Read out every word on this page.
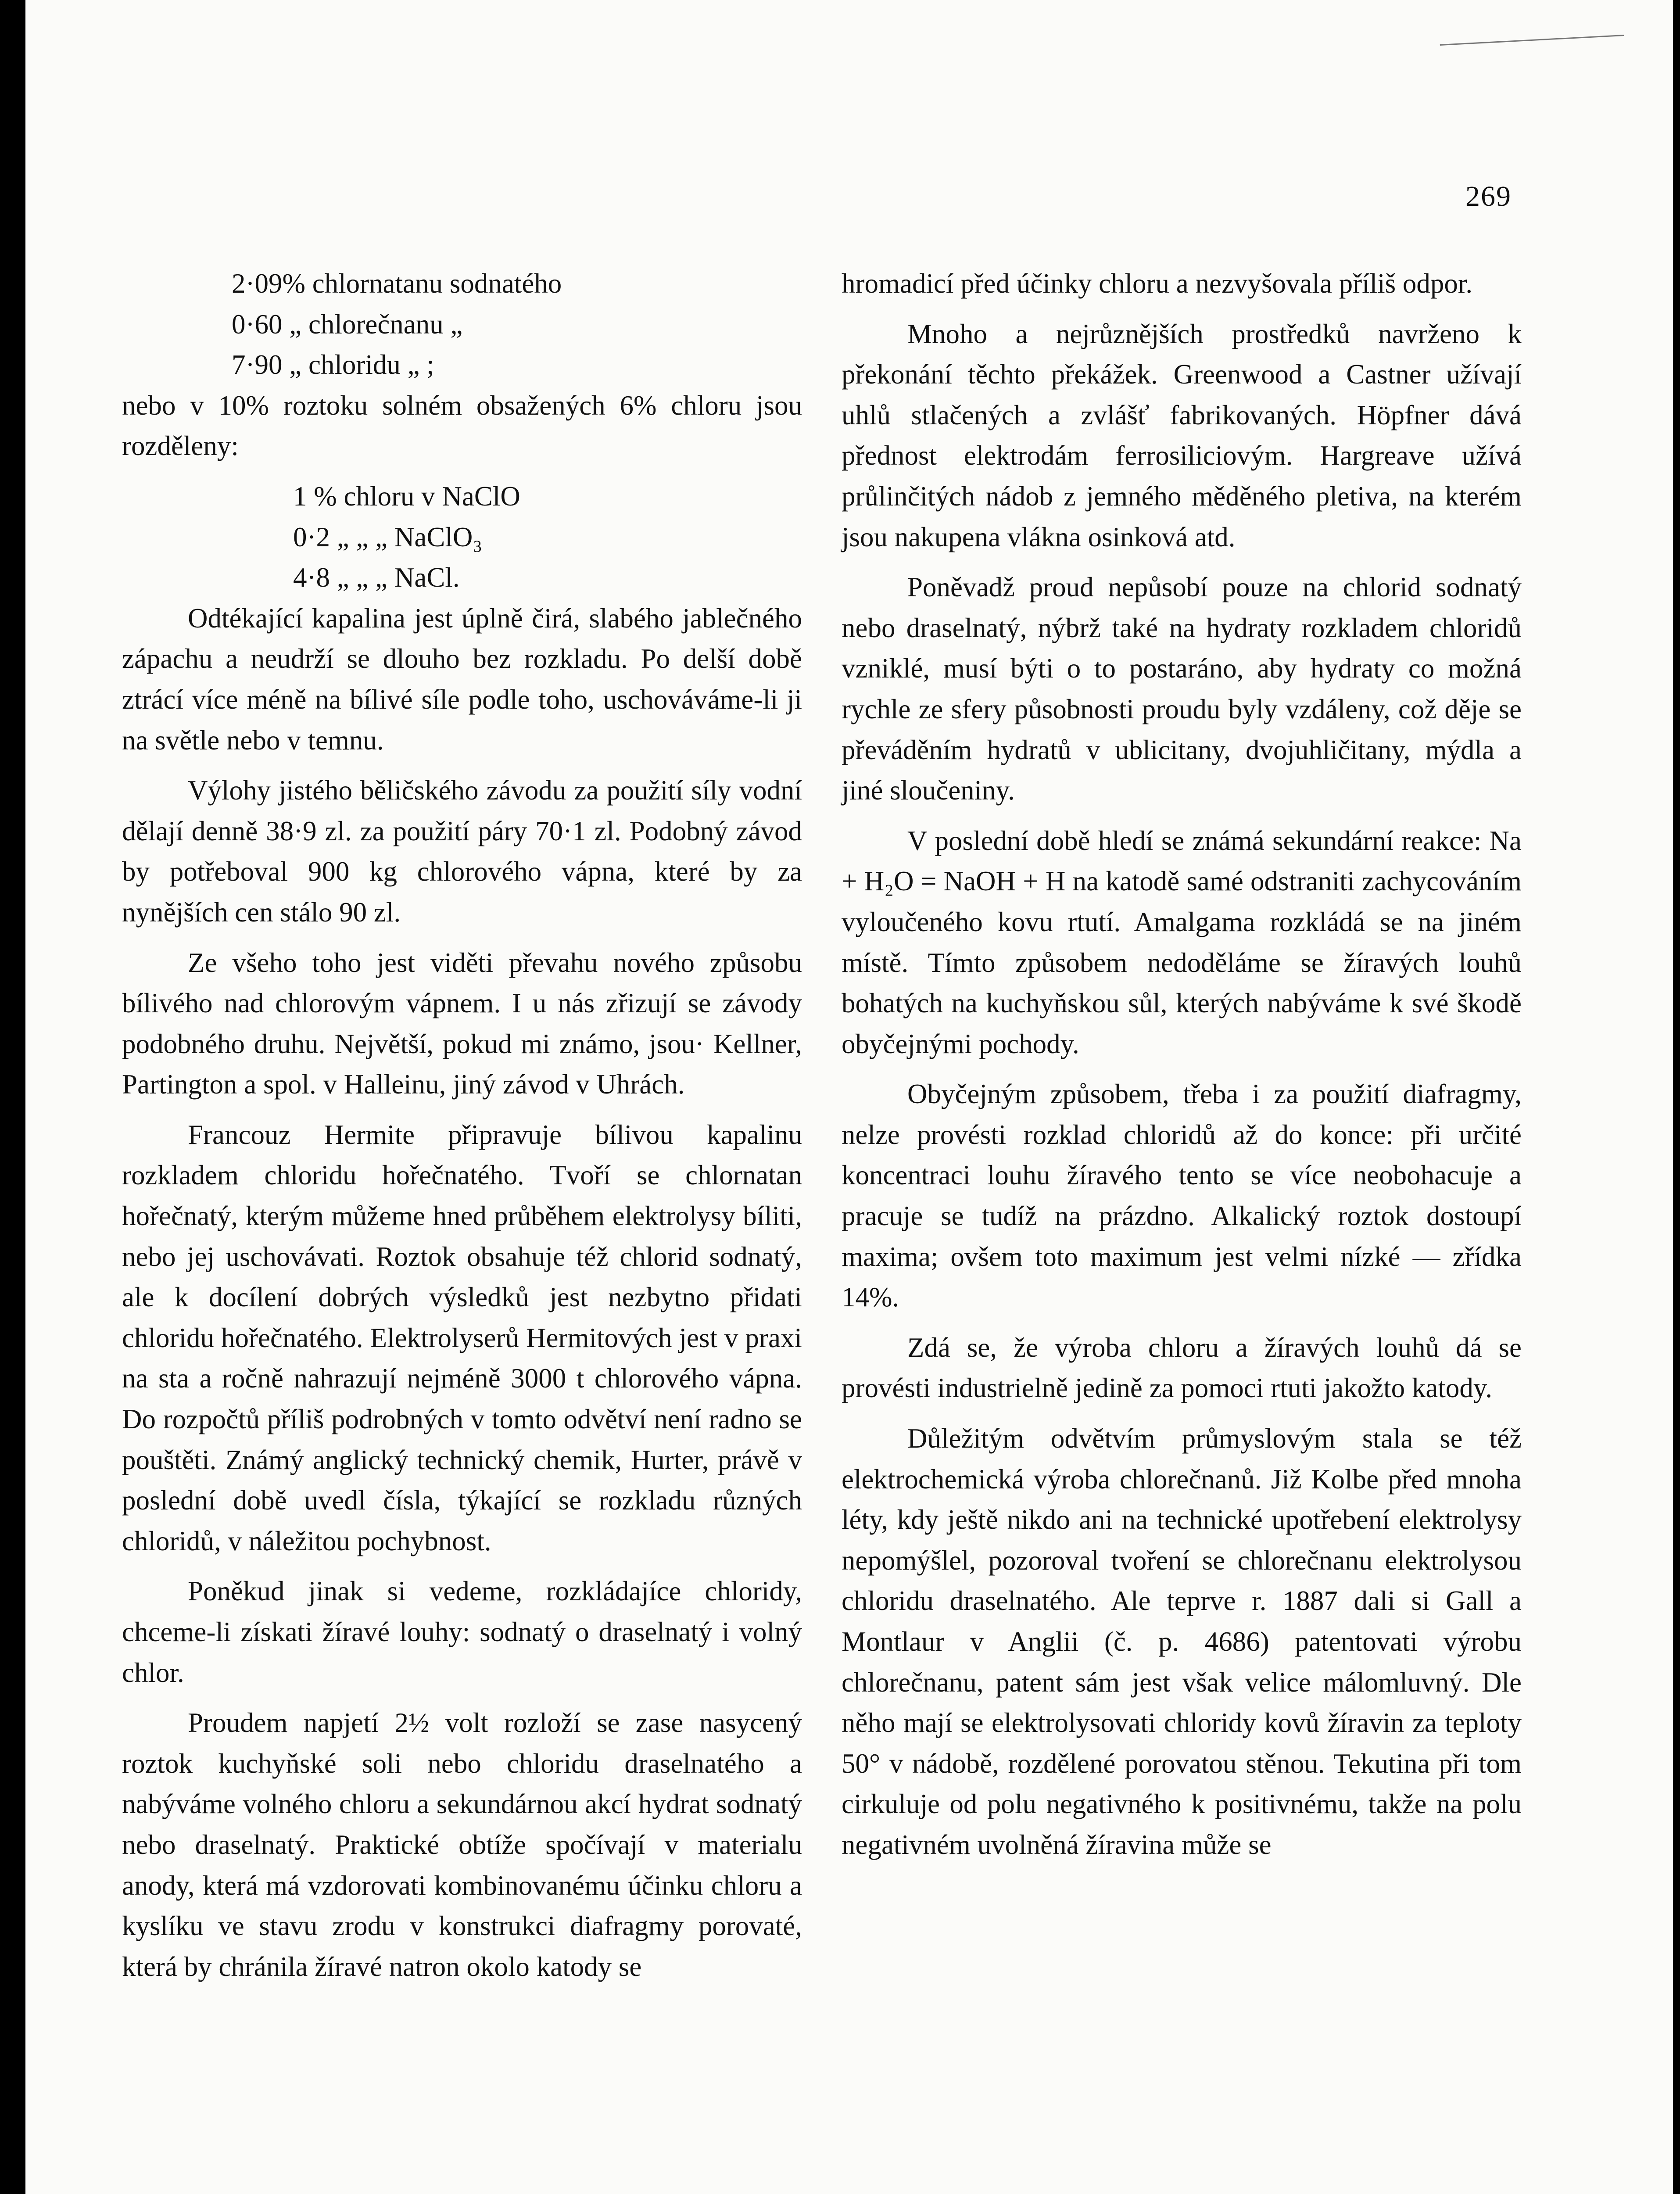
269
2·09% chlornatanu sodnatého
0·60 „ chlorečnanu „
7·90 „ chloridu „ ;

nebo v 10% roztoku solném obsažených 6% chloru jsou rozděleny:

1 % chloru v NaClO
0·2 „ „ „ NaClO₃
4·8 „ „ „ NaCl.

Odtékající kapalina jest úplně čirá, slabého jablečného zápachu a neudrží se dlouho bez rozkladu. Po delší době ztrácí více méně na bílivé síle podle toho, uschováváme-li ji na světle nebo v temnu.

Výlohy jistého běličského závodu za použití síly vodní dělají denně 38·9 zl. za použití páry 70·1 zl. Podobný závod by potřeboval 900 kg chlorového vápna, které by za nynějších cen stálo 90 zl.

Ze všeho toho jest viděti převahu nového způsobu bílivého nad chlorovým vápnem. I u nás zřizují se závody podobného druhu. Největší, pokud mi známo, jsou· Kellner, Partington a spol. v Halleinu, jiný závod v Uhrách.

Francouz Hermite připravuje bílivou kapalinu rozkladem chloridu hořečnatého. Tvoří se chlornatan hořečnatý, kterým můžeme hned průběhem elektrolysy bíliti, nebo jej uschovávati. Roztok obsahuje též chlorid sodnatý, ale k docílení dobrých výsledků jest nezbytno přidati chloridu hořečnatého. Elektrolyserů Hermitových jest v praxi na sta a ročně nahrazují nejméně 3000 t chlorového vápna. Do rozpočtů příliš podrobných v tomto odvětví není radno se pouštěti. Známý anglický technický chemik, Hurter, právě v poslední době uvedl čísla, týkající se rozkladu různých chloridů, v náležitou pochybnost.

Poněkud jinak si vedeme, rozkládajíce chloridy, chceme-li získati žíravé louhy: sodnatý o draselnatý i volný chlor.

Proudem napjetí 2½ volt rozloží se zase nasycený roztok kuchyňské soli nebo chloridu draselnatého a nabýváme volného chloru a sekundárnou akcí hydrat sodnatý nebo draselnatý. Praktické obtíže spočívají v materialu anody, která má vzdorovati kombinovanému účinku chloru a kyslíku ve stavu zrodu v konstrukci diafragmy porovaté, která by chránila žíravé natron okolo katody se

hromadicí před účinky chloru a nezvyšovala příliš odpor.

Mnoho a nejrůznějších prostředků navrženo k překonání těchto překážek. Greenwood a Castner užívají uhlů stlačených a zvlášť fabrikovaných. Höpfner dává přednost elektrodám ferrosiliciovým. Hargreave užívá průlinčitých nádob z jemného měděného pletiva, na kterém jsou nakupena vlákna osinková atd.

Poněvadž proud nepůsobí pouze na chlorid sodnatý nebo draselnatý, nýbrž také na hydraty rozkladem chloridů vzniklé, musí býti o to postaráno, aby hydraty co možná rychle ze sfery působnosti proudu byly vzdáleny, což děje se převáděním hydratů v ublicitany, dvojuhličitany, mýdla a jiné sloučeniny.

V poslední době hledí se známá sekundární reakce: Na + H₂O = NaOH + H na katodě samé odstraniti zachycováním vyloučeného kovu rtutí. Amalgama rozkládá se na jiném místě. Tímto způsobem nedoděláme se žíravých louhů bohatých na kuchyňskou sůl, kterých nabýváme k své škodě obyčejnými pochody.

Obyčejným způsobem, třeba i za použití diafragmy, nelze provésti rozklad chloridů až do konce: při určité koncentraci louhu žíravého tento se více neobohacuje a pracuje se tudíž na prázdno. Alkalický roztok dostoupí maxima; ovšem toto maximum jest velmi nízké — zřídka 14%.

Zdá se, že výroba chloru a žíravých louhů dá se provésti industrielně jedině za pomoci rtuti jakožto katody.

Důležitým odvětvím průmyslovým stala se též elektrochemická výroba chlorečnanů. Již Kolbe před mnoha léty, kdy ještě nikdo ani na technické upotřebení elektrolysy nepomýšlel, pozoroval tvoření se chlorečnanu elektrolysou chloridu draselnatého. Ale teprve r. 1887 dali si Gall a Montlaur v Anglii (č. p. 4686) patentovati výrobu chlorečnanu, patent sám jest však velice málomluvný. Dle něho mají se elektrolysovati chloridy kovů žíravin za teploty 50° v nádobě, rozdělené porovatou stěnou. Tekutina při tom cirkuluje od polu negativného k positivnému, takže na polu negativném uvolněná žíravina může se
